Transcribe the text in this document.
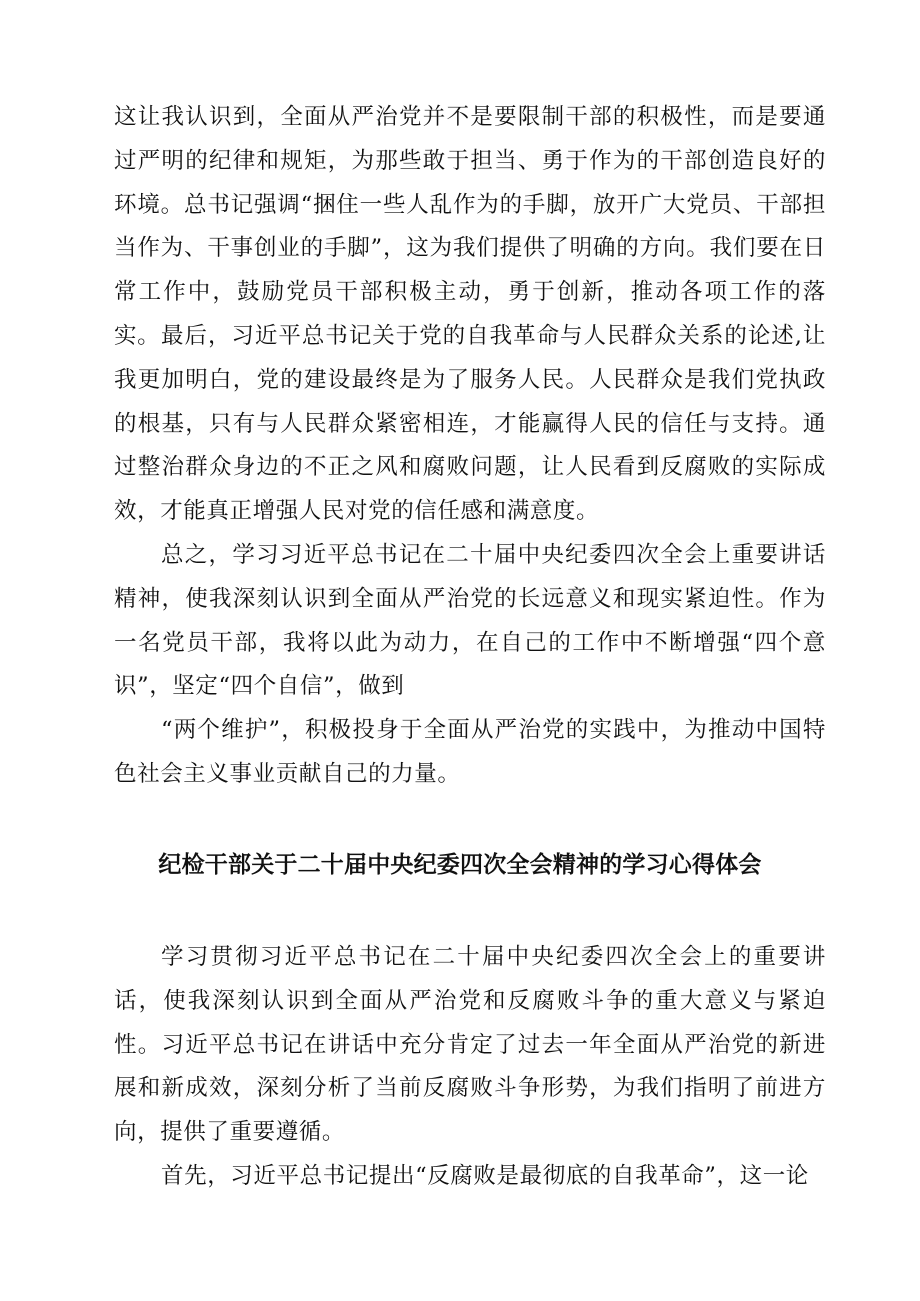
这让我认识到，全面从严治党并不是要限制干部的积极性，而是要通过严明的纪律和规矩，为那些敢于担当、勇于作为的干部创造良好的环境。总书记强调“捆住一些人乱作为的手脚，放开广大党员、干部担当作为、干事创业的手脚”，这为我们提供了明确的方向。我们要在日常工作中，鼓励党员干部积极主动，勇于创新，推动各项工作的落实。 最后，习近平总书记关于党的自我革命与人民群众关系的论述,让我更加明白，党的建设最终是为了服务人民。人民群众是我们党执政的根基，只有与人民群众紧密相连，才能赢得人民的信任与支持。通过整治群众身边的不正之风和腐败问题，让人民看到反腐败的实际成效，才能真正增强人民对党的信任感和满意度。

总之，学习习近平总书记在二十届中央纪委四次全会上重要讲话精神，使我深刻认识到全面从严治党的长远意义和现实紧迫性。作为一名党员干部，我将以此为动力，在自己的工作中不断增强“四个意识”，坚定“四个自信”，做到

“两个维护”，积极投身于全面从严治党的实践中，为推动中国特色社会主义事业贡献自己的力量。

纪检干部关于二十届中央纪委四次全会精神的学习心得体会

学习贯彻习近平总书记在二十届中央纪委四次全会上的重要讲话，使我深刻认识到全面从严治党和反腐败斗争的重大意义与紧迫性。习近平总书记在讲话中充分肯定了过去一年全面从严治党的新进展和新成效，深刻分析了当前反腐败斗争形势，为我们指明了前进方向，提供了重要遵循。

首先，习近平总书记提出“反腐败是最彻底的自我革命”，这一论
